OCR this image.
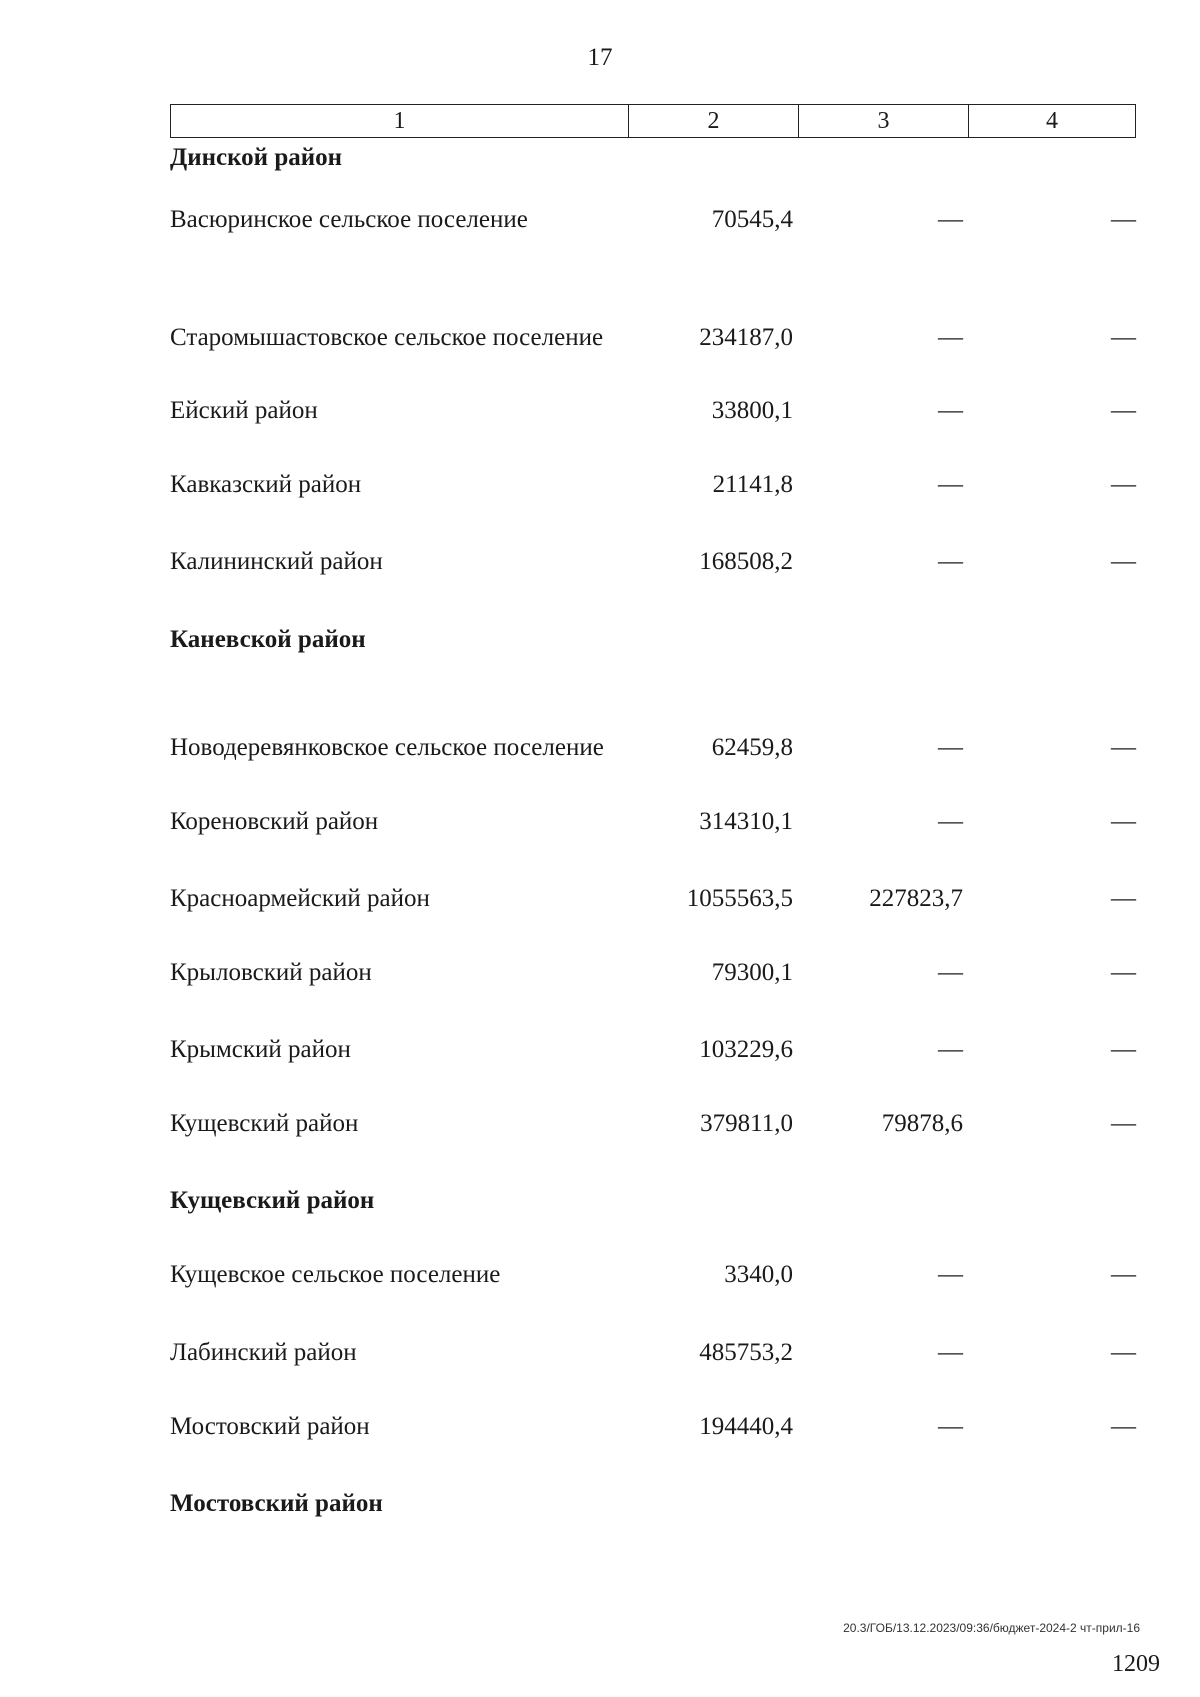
17
1	2	3	4
Динской район
Васюринское сельское поселение	70545,4	—	—
Старомышастовское сельское поселение	234187,0	—	—
Ейский район	33800,1	—	—
Кавказский район	21141,8	—	—
Калининский район	168508,2	—	—
Каневской район
Новодеревянковское сельское поселение	62459,8	—	—
Кореновский район	314310,1	—	—
Красноармейский район	1055563,5	227823,7	—
Крыловский район	79300,1	—	—
Крымский район	103229,6	—	—
Кущевский район	379811,0	79878,6	—
Кущевский район
Кущевское сельское поселение	3340,0	—	—
Лабинский район	485753,2	—	—
Мостовский район	194440,4	—	—
Мостовский район
20.3/ГОБ/13.12.2023/09:36/бюджет-2024-2 чт-прил-16
1209
